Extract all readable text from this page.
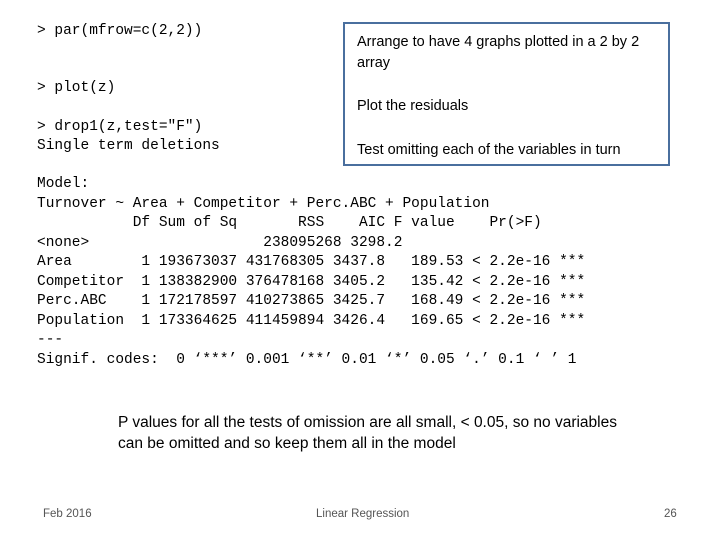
> par(mfrow=c(2,2))
> plot(z)
> drop1(z,test="F")
Single term deletions
Arrange to have 4 graphs plotted in a 2 by 2 array
Plot the residuals
Test omitting each of the variables in turn
Model:
Turnover ~ Area + Competitor + Perc.ABC + Population
Df Sum of Sq       RSS    AIC F value    Pr(>F)
<none>                    238095268 3298.2
Area        1 193673037 431768305 3437.8   189.53 < 2.2e-16 ***
Competitor  1 138382900 376478168 3405.2   135.42 < 2.2e-16 ***
Perc.ABC    1 172178597 410273865 3425.7   168.49 < 2.2e-16 ***
Population  1 173364625 411459894 3426.4   169.65 < 2.2e-16 ***
---
Signif. codes:  0 ‘***’ 0.001 ‘**’ 0.01 ‘*’ 0.05 ‘.’ 0.1 ‘ ’ 1
P values for all the tests of omission are all small, < 0.05, so no variables can be omitted and so keep them all in the model
Feb 2016	Linear Regression	26
